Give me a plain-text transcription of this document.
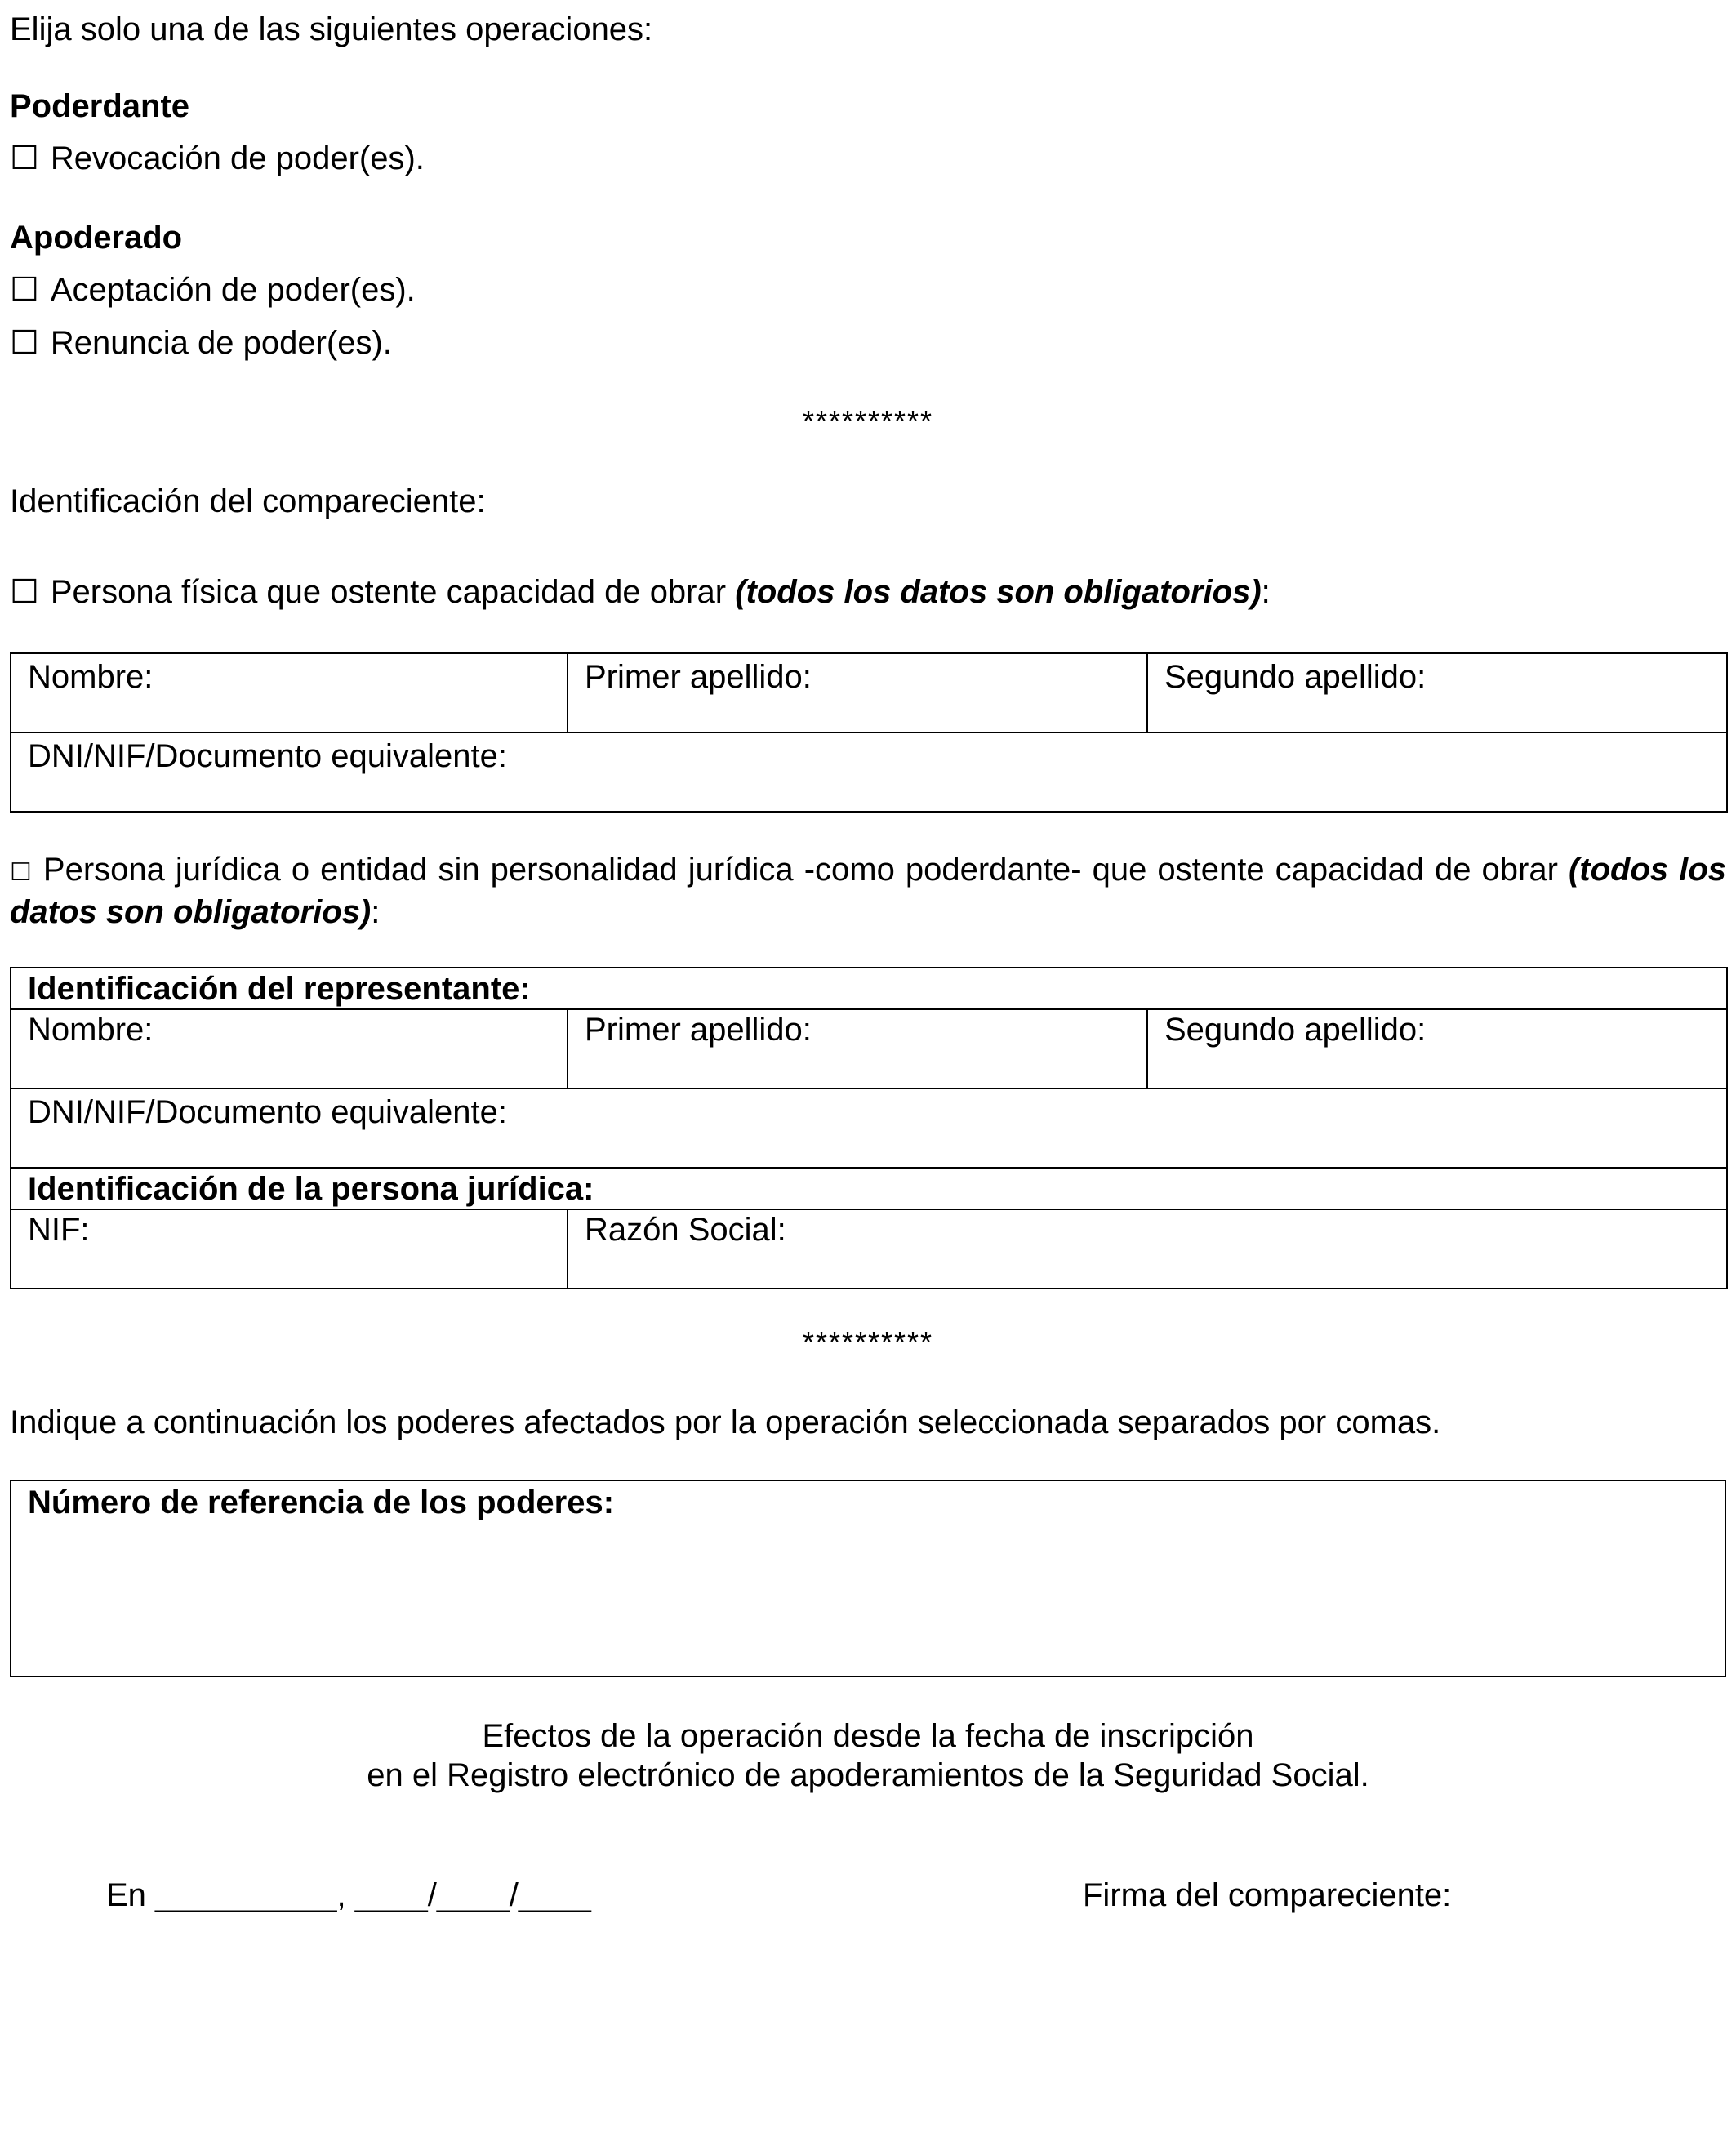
Elija solo una de las siguientes operaciones:
Poderdante
☐ Revocación de poder(es).
Apoderado
☐ Aceptación de poder(es).
☐ Renuncia de poder(es).
**********
Identificación del compareciente:
☐ Persona física que ostente capacidad de obrar (todos los datos son obligatorios):
Nombre:	Primer apellido:	Segundo apellido:
DNI/NIF/Documento equivalente:
☐ Persona jurídica o entidad sin personalidad jurídica -como poderdante- que ostente capacidad de obrar (todos los datos son obligatorios):
Identificación del representante:		
Nombre:	Primer apellido:	Segundo apellido:
DNI/NIF/Documento equivalente:		
Identificación de la persona jurídica:		
NIF:	Razón Social:	
**********
Indique a continuación los poderes afectados por la operación seleccionada separados por comas.
Número de referencia de los poderes:
Efectos de la operación desde la fecha de inscripción
en el Registro electrónico de apoderamientos de la Seguridad Social.
En __________, ____/____/____	Firma del compareciente:
